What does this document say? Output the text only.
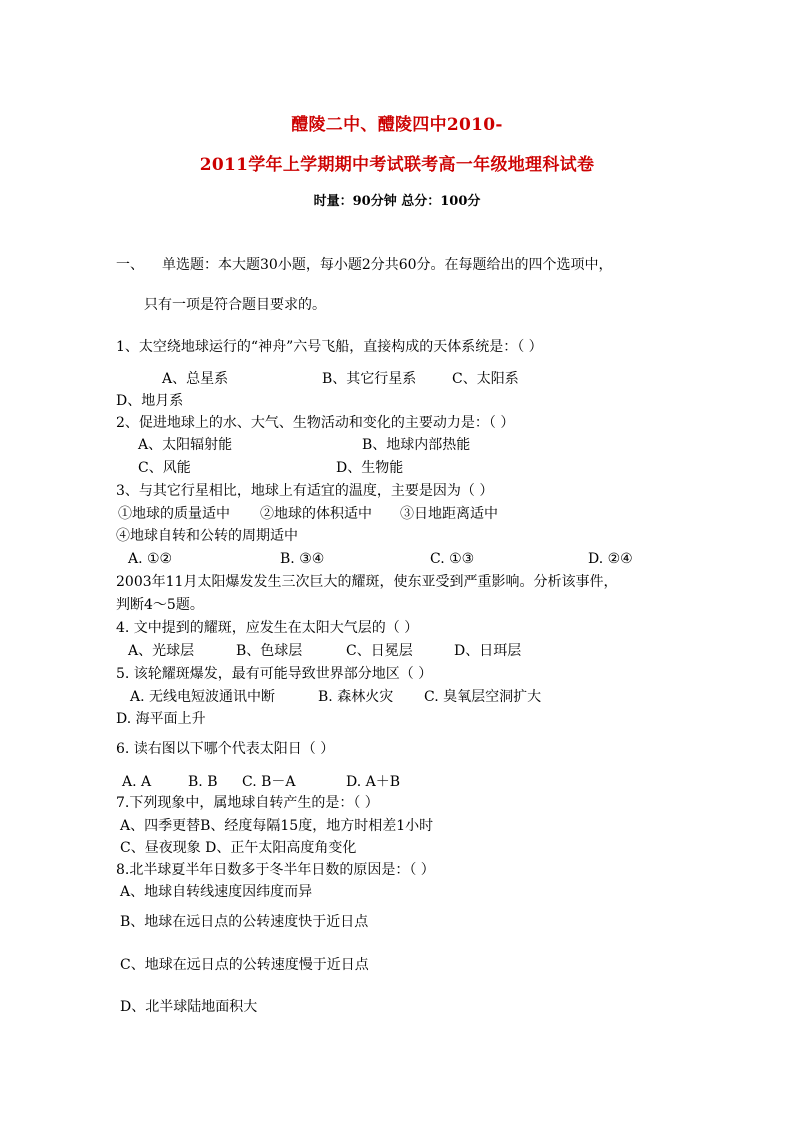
醴陵二中、醴陵四中2010-
2011学年上学期期中考试联考高一年级地理科试卷
时量：90分钟 总分：100分
一、 单选题：本大题30小题，每小题2分共60分。在每题给出的四个选项中，
只有一项是符合题目要求的。
1、太空绕地球运行的“神舟”六号飞船，直接构成的天体系统是：（ ）
A、总星系	B、其它行星系	C、太阳系
D、地月系
2、促进地球上的水、大气、生物活动和变化的主要动力是：（ ）
A、太阳辐射能	B、地球内部热能
C、风能	D、生物能
3、与其它行星相比，地球上有适宜的温度，主要是因为（ ）
①地球的质量适中 ②地球的体积适中 ③日地距离适中
④地球自转和公转的周期适中
A. ①②	B. ③④	C. ①③	D. ②④
2003年11月太阳爆发发生三次巨大的耀斑，使东亚受到严重影响。分析该事件，
判断4～5题。
4. 文中提到的耀斑，应发生在太阳大气层的（ ）
A、光球层	B、色球层	C、日冕层	D、日珥层
5. 该轮耀斑爆发，最有可能导致世界部分地区（ ）
A. 无线电短波通讯中断	B. 森林火灾 C. 臭氧层空洞扩大
D. 海平面上升
6. 读右图以下哪个代表太阳日（ ）
A. A	B. B C. B－A	D. A＋B
7.下列现象中，属地球自转产生的是：（ ）
A、四季更替B、经度每隔15度，地方时相差1小时
C、昼夜现象 D、正午太阳高度角变化
8.北半球夏半年日数多于冬半年日数的原因是：（ ）
A、地球自转线速度因纬度而异
B、地球在远日点的公转速度快于近日点
C、地球在远日点的公转速度慢于近日点
D、北半球陆地面积大
